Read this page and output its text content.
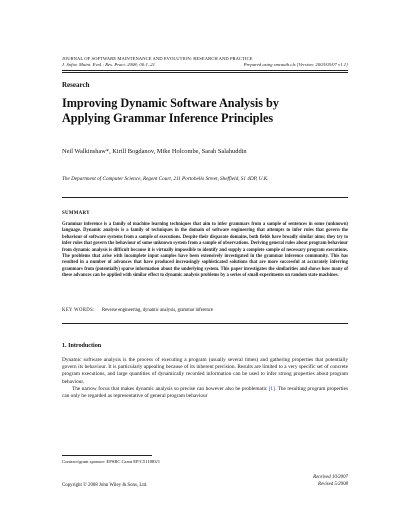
JOURNAL OF SOFTWARE MAINTENANCE AND EVOLUTION: RESEARCH AND PRACTICE
J. Softw. Maint. Evol.: Res. Pract. 2008; 00:1–21	Prepared using smrauth.cls [Version: 2003/05/07 v1.1]
Research
Improving Dynamic Software Analysis by Applying Grammar Inference Principles
Neil Walkinshaw*, Kirill Bogdanov, Mike Holcombe, Sarah Salahuddin
The Department of Computer Science, Regent Court, 211 Portobello Street, Sheffield, S1 4DP, U.K.
SUMMARY
Grammar inference is a family of machine learning techniques that aim to infer grammars from a sample of sentences in some (unknown) language. Dynamic analysis is a family of techniques in the domain of software engineering that attempts to infer rules that govern the behaviour of software systems from a sample of executions. Despite their disparate domains, both fields have broadly similar aims; they try to infer rules that govern the behaviour of some unknown system from a sample of observations. Deriving general rules about program behaviour from dynamic analysis is difficult because it is virtually impossible to identify and supply a complete sample of necessary program executions. The problems that arise with incomplete input samples have been extensively investigated in the grammar inference community. This has resulted in a number of advances that have produced increasingly sophisticated solutions that are more successful at accurately inferring grammars from (potentially) sparse information about the underlying system. This paper investigates the similarities and shows how many of these advances can be applied with similar effect to dynamic analysis problems by a series of small experiments on random state machines.
KEY WORDS: Reverse engineering, dynamic analysis, grammar inference
1. Introduction

Dynamic software analysis is the process of executing a program (usually several times) and gathering properties that potentially govern its behaviour. It is particularly appealing because of its inherent precision. Results are limited to a very specific set of concrete program executions, and large quantities of dynamically recorded information can be used to infer strong properties about program behaviour.

The narrow focus that makes dynamic analysis so precise can however also be problematic [1]. The resulting program properties can only be regarded as representative of general program behaviour

Contract/grant sponsor: EPSRC Grant EP/C511883/1
Received 10/2007
Revised 5/2008
Copyright © 2008 John Wiley & Sons, Ltd.
